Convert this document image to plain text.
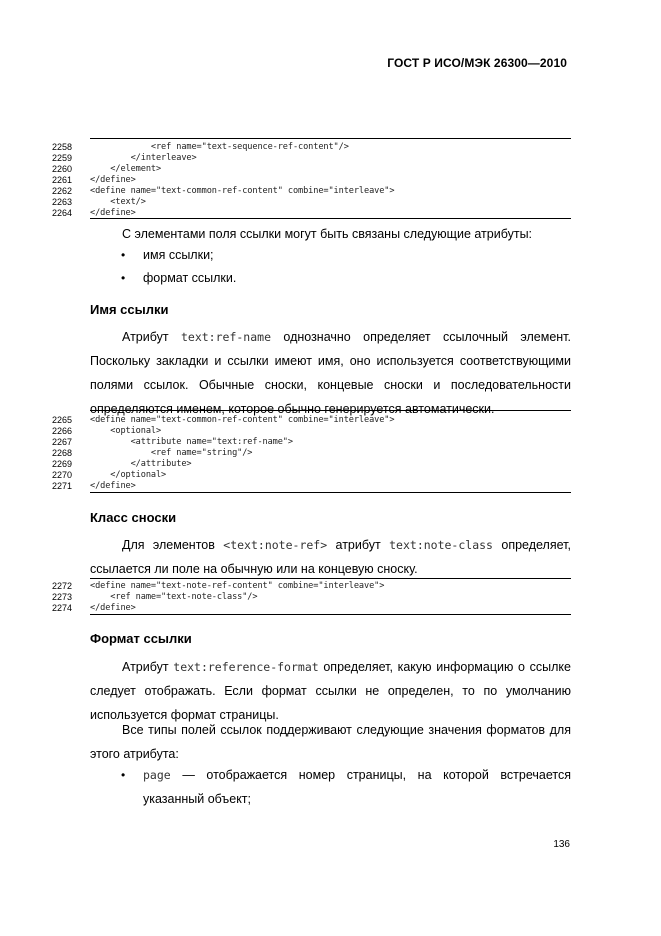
ГОСТ Р ИСО/МЭК 26300—2010
2258	<ref name="text-sequence-ref-content"/>
2259	</interleave>
2260	</element>
2261	</define>
2262	<define name="text-common-ref-content" combine="interleave">
2263	<text/>
2264	</define>
С элементами поля ссылки могут быть связаны следующие атрибуты:
• имя ссылки;
• формат ссылки.
Имя ссылки
Атрибут text:ref-name однозначно определяет ссылочный элемент. Поскольку закладки и ссылки имеют имя, оно используется соответствующими полями ссылок. Обычные сноски, концевые сноски и последовательности определяются именем, которое обычно генерируется автоматически.
2265	<define name="text-common-ref-content" combine="interleave">
2266	<optional>
2267	<attribute name="text:ref-name">
2268	<ref name="string"/>
2269	</attribute>
2270	</optional>
2271	</define>
Класс сноски
Для элементов <text:note-ref> атрибут text:note-class определяет, ссылается ли поле на обычную или на концевую сноску.
2272	<define name="text-note-ref-content" combine="interleave">
2273	<ref name="text-note-class"/>
2274	</define>
Формат ссылки
Атрибут text:reference-format определяет, какую информацию о ссылке следует отображать. Если формат ссылки не определен, то по умолчанию используется формат страницы.
Все типы полей ссылок поддерживают следующие значения форматов для этого атрибута:
• page — отображается номер страницы, на которой встречается указанный объект;
136
